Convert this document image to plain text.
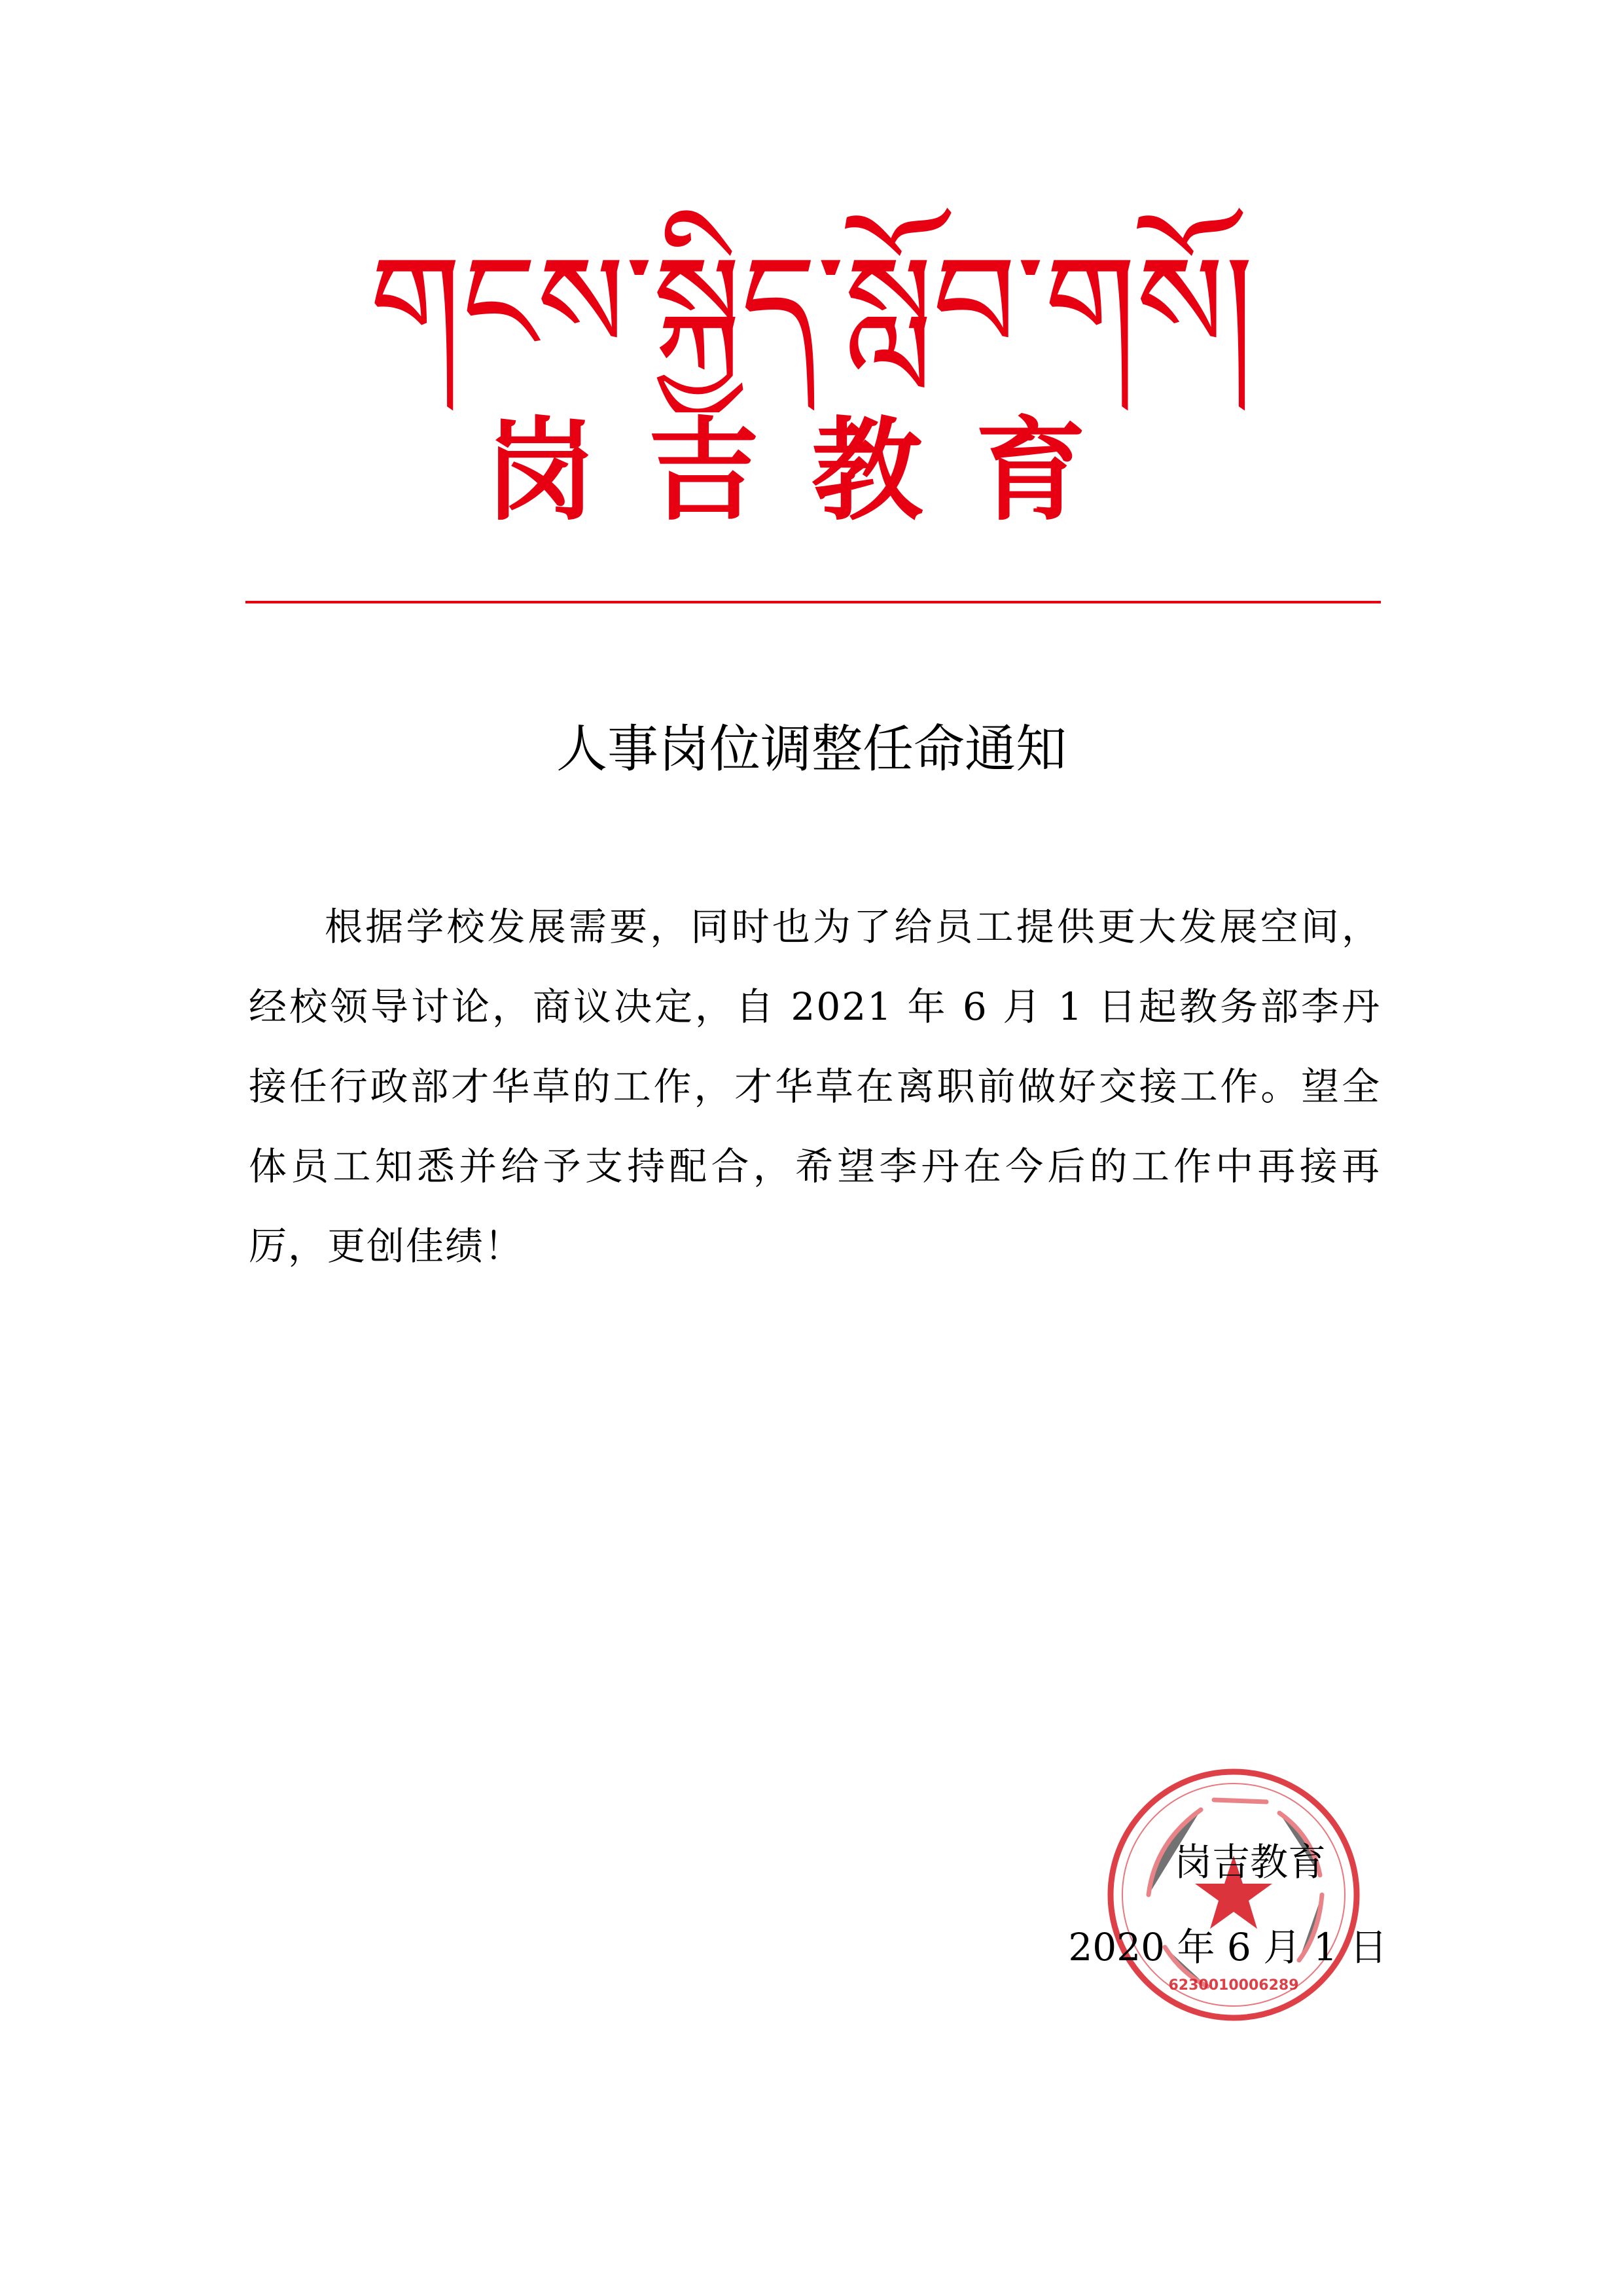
གངས་སྐྱིད་སློབ་གསོ།
岗吉教育
人事岗位调整任命通知
根据学校发展需要，同时也为了给员工提供更大发展空间，经校领导讨论，商议决定，自 2021 年 6 月 1 日起教务部李丹接任行政部才华草的工作，才华草在离职前做好交接工作。望全体员工知悉并给予支持配合，希望李丹在今后的工作中再接再厉，更创佳绩！
6230010006289
岗吉教育
2020 年 6 月 1 日
